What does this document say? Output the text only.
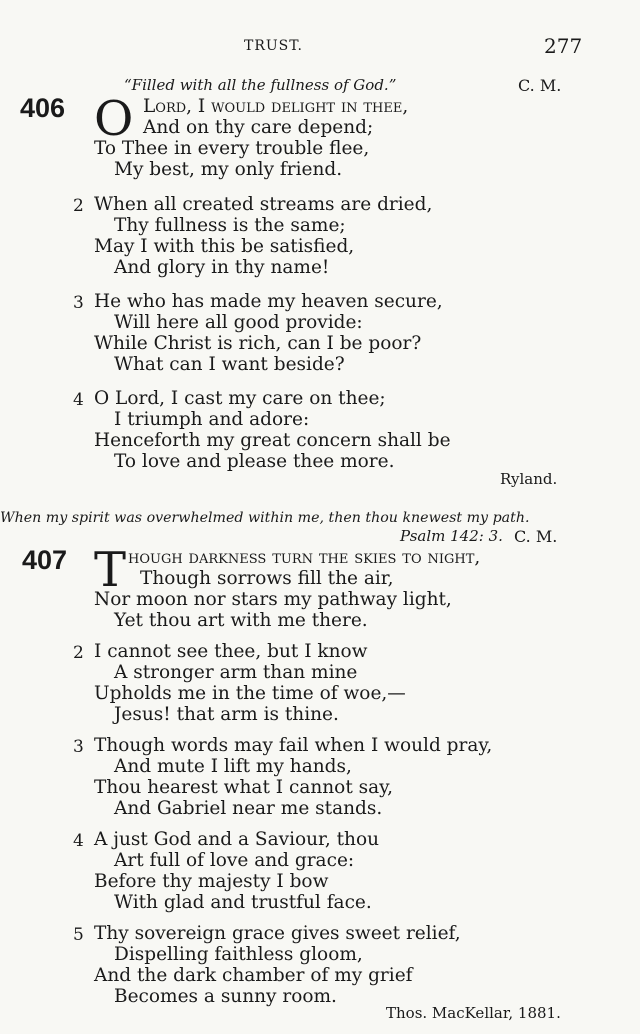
TRUST.	277
“Filled with all the fullness of God.”	C. M.
406 O Lord, I would delight in thee,
And on thy care depend;
To Thee in every trouble flee,
My best, my only friend.
2 When all created streams are dried,
Thy fullness is the same;
May I with this be satisfied,
And glory in thy name!
3 He who has made my heaven secure,
Will here all good provide:
While Christ is rich, can I be poor?
What can I want beside?
4 O Lord, I cast my care on thee;
I triumph and adore:
Henceforth my great concern shall be
To love and please thee more.
Ryland.
When my spirit was overwhelmed within me, then thou knewest my path.
Psalm 142: 3. C. M.
407 T hough darkness turn the skies to night,
Though sorrows fill the air,
Nor moon nor stars my pathway light,
Yet thou art with me there.
2 I cannot see thee, but I know
A stronger arm than mine
Upholds me in the time of woe,—
Jesus! that arm is thine.
3 Though words may fail when I would pray,
And mute I lift my hands,
Thou hearest what I cannot say,
And Gabriel near me stands.
4 A just God and a Saviour, thou
Art full of love and grace:
Before thy majesty I bow
With glad and trustful face.
5 Thy sovereign grace gives sweet relief,
Dispelling faithless gloom,
And the dark chamber of my grief
Becomes a sunny room.
Thos. MacKellar, 1881.
